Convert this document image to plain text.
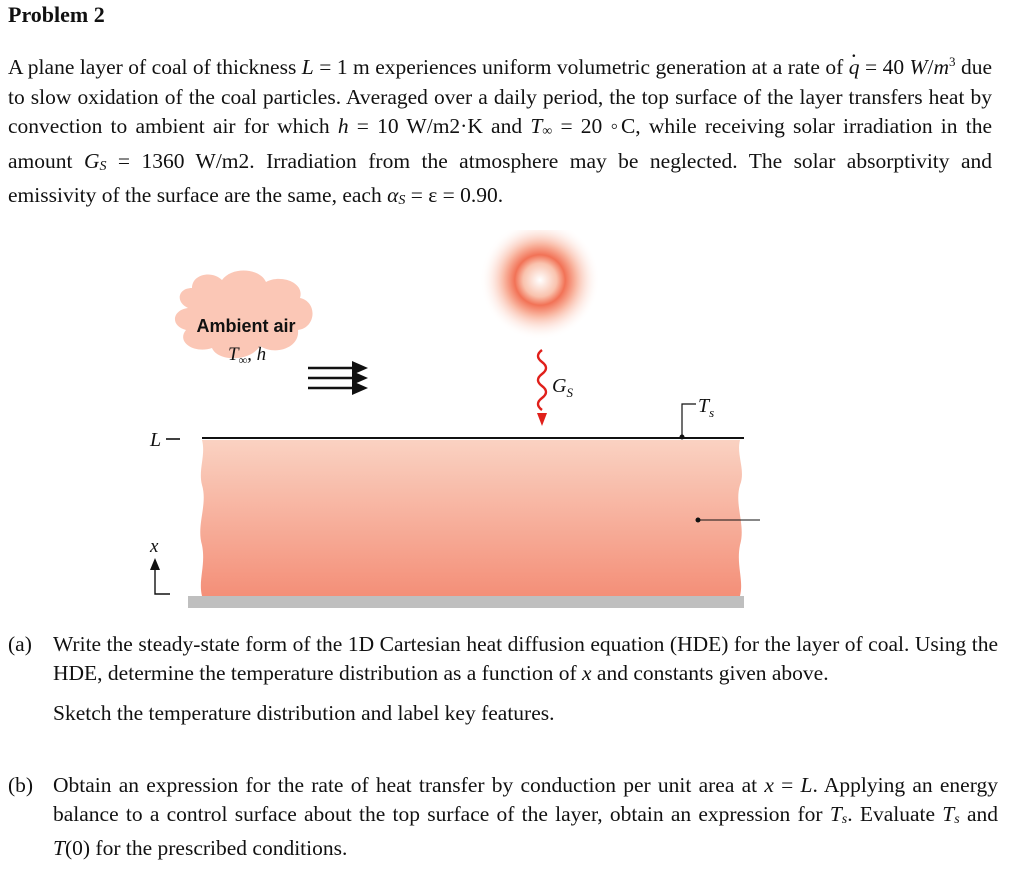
Problem 2
A plane layer of coal of thickness L = 1 m experiences uniform volumetric generation at a rate of · q = 40 $W/m^3$ due to slow oxidation of the coal particles. Averaged over a daily period, the top surface of the layer transfers heat by convection to ambient air for which h = 10 W/m2·K and T∞ = 20 ◦C, while receiving solar irradiation in the amount GS = 1360 W/m2. Irradiation from the atmosphere may be neglected. The solar absorptivity and emissivity of the surface are the same, each αS = ε = 0.90.
Ambient air
$T_\infty$, h
$G_S$
$T_s$
L
x
(a) Write the steady-state form of the 1D Cartesian heat diffusion equation (HDE) for the layer of coal. Using the HDE, determine the temperature distribution as a function of x and constants given above.
Sketch the temperature distribution and label key features.
(b) Obtain an expression for the rate of heat transfer by conduction per unit area at x = L. Applying an energy balance to a control surface about the top surface of the layer, obtain an expression for Ts. Evaluate Ts and T(0) for the prescribed conditions.
